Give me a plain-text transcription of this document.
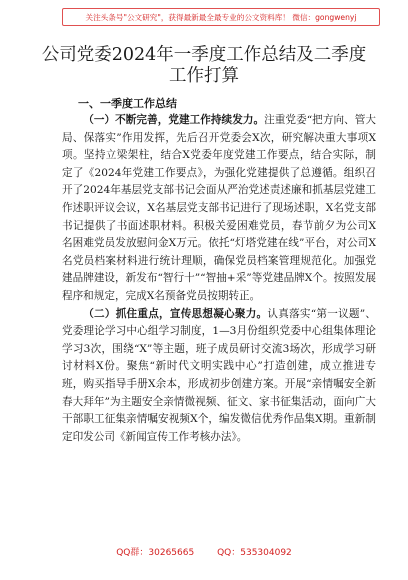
关注头条号"公文研究"，获得最新最全最专业的公文资料库！ 微信：gongwenyj
公司党委2024年一季度工作总结及二季度
工作打算
一、一季度工作总结

（一）不断完善，党建工作持续发力。注重党委“把方向、管大局、保落实”作用发挥，先后召开党委会X次，研究解决重大事项X项。坚持立梁架柱，结合X党委年度党建工作要点，结合实际，制定了《2024年党建工作要点》，为强化党建提供了总遵循。组织召开了2024年基层党支部书记会面从严治党述责述廉和抓基层党建工作述职评议会议，X名基层党支部书记进行了现场述职，X名党支部书记提供了书面述职材料。积极关爱困难党员，春节前夕为公司X名困难党员发放慰问金X万元。依托“灯塔党建在线”平台，对公司X名党员档案材料进行统计理顺，确保党员档案管理规范化。加强党建品牌建设，新发布“智行十”“智抽+采”等党建品牌X个。按照发展程序和规定，完成X名预备党员按期转正。

（二）抓住重点，宣传思想凝心聚力。认真落实“第一议题”、党委理论学习中心组学习制度，1—3月份组织党委中心组集体理论学习3次，围绕“X”等主题，班子成员研讨交流3场次，形成学习研讨材料X份。聚焦“新时代文明实践中心”打造创建，成立推进专班，购买指导手册X余本，形成初步创建方案。开展“亲情嘱安全新春大拜年”为主题安全亲情微视频、征文、家书征集活动，面向广大干部职工征集亲情嘱安视频X个，编发微信优秀作品集X期。重新制定印发公司《新闻宣传工作考核办法》。

QQ群：30265665	QQ：535304092
